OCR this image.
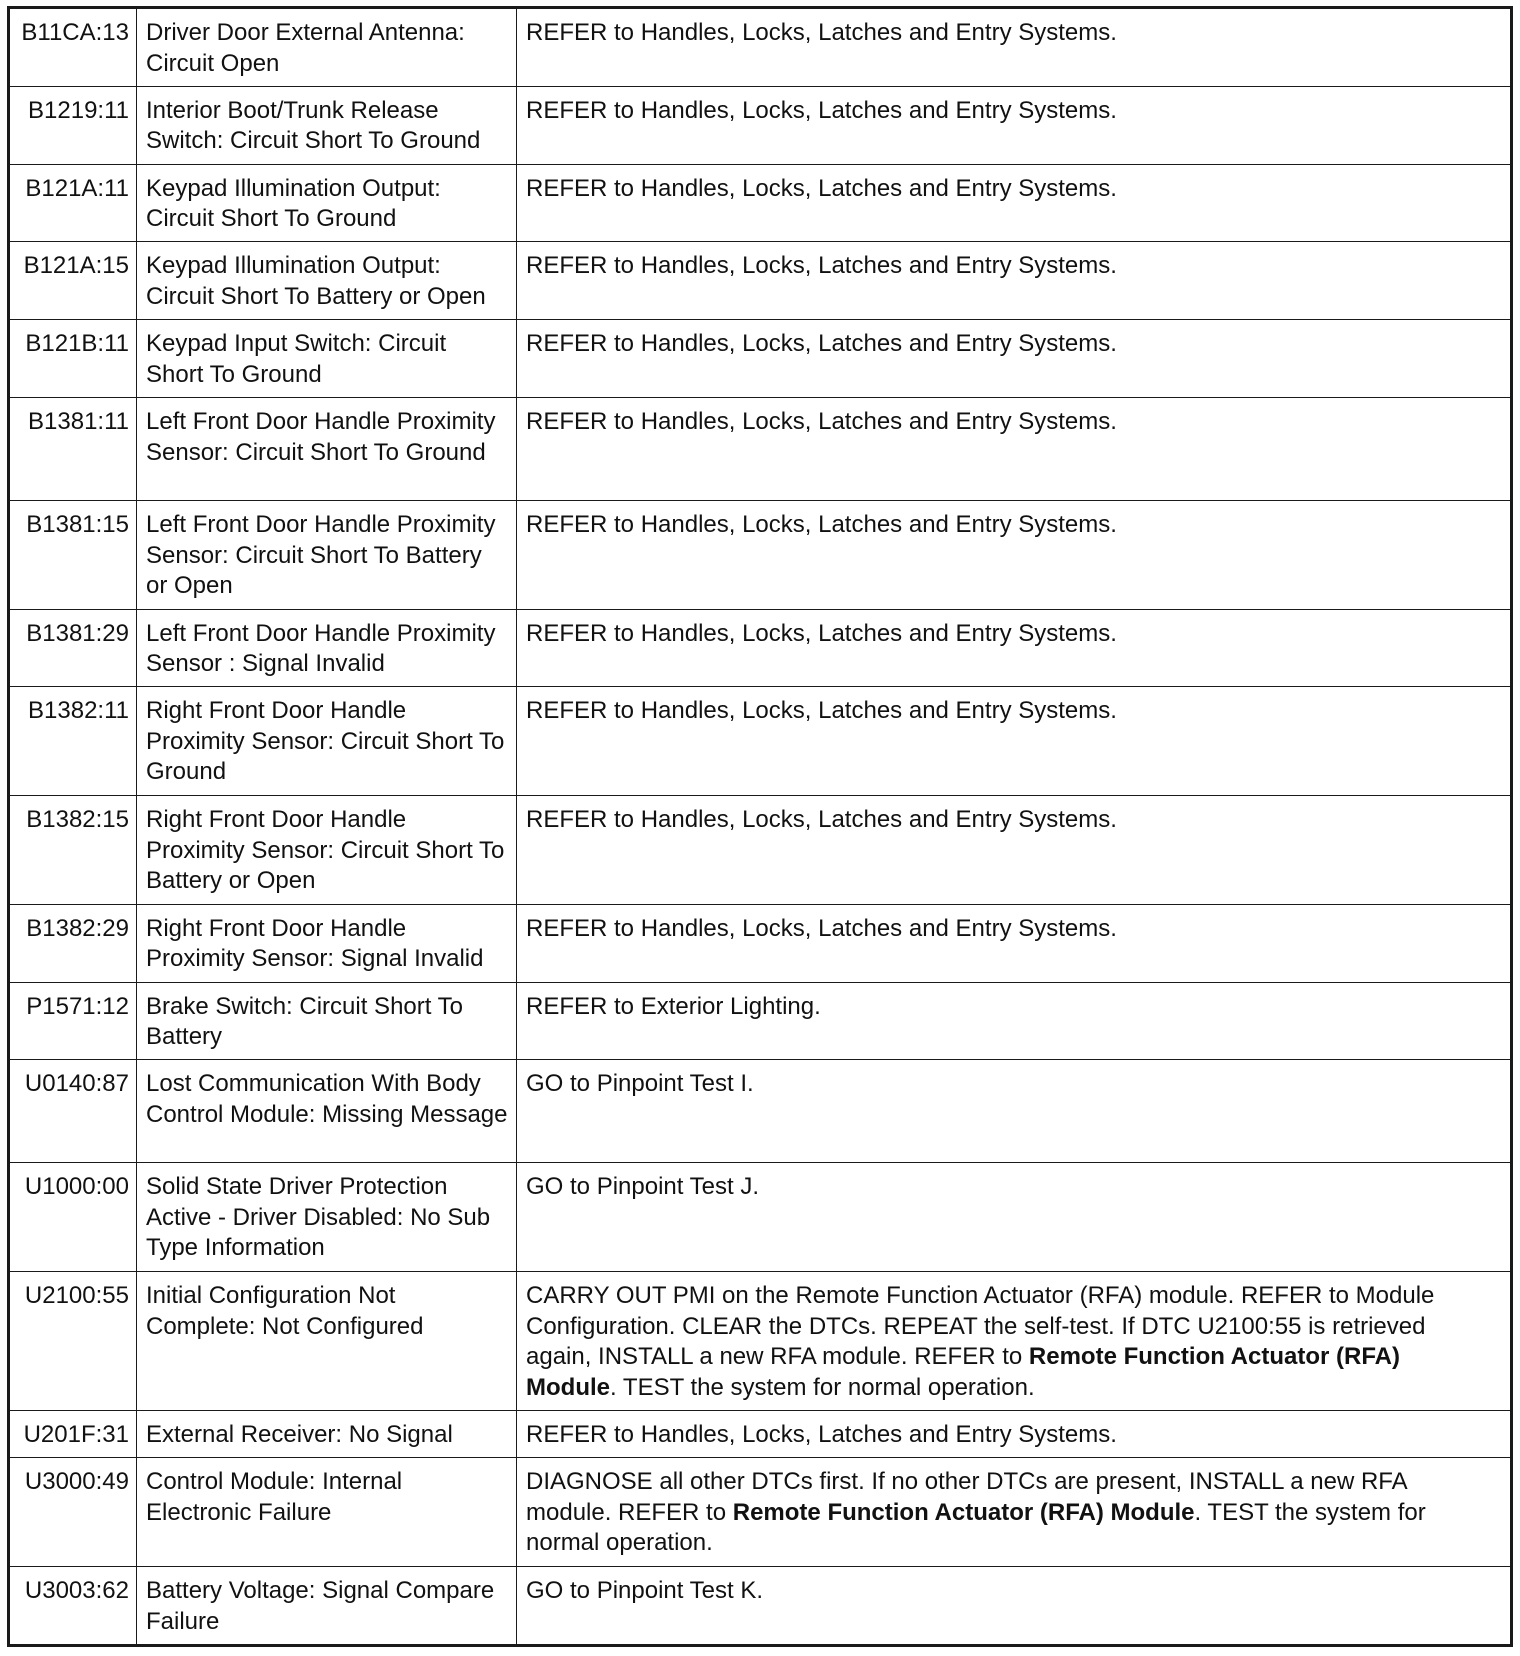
B11CA:13	Driver Door External Antenna: Circuit Open	REFER to Handles, Locks, Latches and Entry Systems.
B1219:11	Interior Boot/Trunk Release Switch: Circuit Short To Ground	REFER to Handles, Locks, Latches and Entry Systems.
B121A:11	Keypad Illumination Output: Circuit Short To Ground	REFER to Handles, Locks, Latches and Entry Systems.
B121A:15	Keypad Illumination Output: Circuit Short To Battery or Open	REFER to Handles, Locks, Latches and Entry Systems.
B121B:11	Keypad Input Switch: Circuit Short To Ground	REFER to Handles, Locks, Latches and Entry Systems.
B1381:11	Left Front Door Handle Proximity Sensor: Circuit Short To Ground	REFER to Handles, Locks, Latches and Entry Systems.
B1381:15	Left Front Door Handle Proximity Sensor: Circuit Short To Battery or Open	REFER to Handles, Locks, Latches and Entry Systems.
B1381:29	Left Front Door Handle Proximity Sensor : Signal Invalid	REFER to Handles, Locks, Latches and Entry Systems.
B1382:11	Right Front Door Handle Proximity Sensor: Circuit Short To Ground	REFER to Handles, Locks, Latches and Entry Systems.
B1382:15	Right Front Door Handle Proximity Sensor: Circuit Short To Battery or Open	REFER to Handles, Locks, Latches and Entry Systems.
B1382:29	Right Front Door Handle Proximity Sensor: Signal Invalid	REFER to Handles, Locks, Latches and Entry Systems.
P1571:12	Brake Switch: Circuit Short To Battery	REFER to Exterior Lighting.
U0140:87	Lost Communication With Body Control Module: Missing Message	GO to Pinpoint Test I.
U1000:00	Solid State Driver Protection Active - Driver Disabled: No Sub Type Information	GO to Pinpoint Test J.
U2100:55	Initial Configuration Not Complete: Not Configured	CARRY OUT PMI on the Remote Function Actuator (RFA) module. REFER to Module Configuration. CLEAR the DTCs. REPEAT the self-test. If DTC U2100:55 is retrieved again, INSTALL a new RFA module. REFER to Remote Function Actuator (RFA) Module. TEST the system for normal operation.
U201F:31	External Receiver: No Signal	REFER to Handles, Locks, Latches and Entry Systems.
U3000:49	Control Module: Internal Electronic Failure	DIAGNOSE all other DTCs first. If no other DTCs are present, INSTALL a new RFA module. REFER to Remote Function Actuator (RFA) Module. TEST the system for normal operation.
U3003:62	Battery Voltage: Signal Compare Failure	GO to Pinpoint Test K.
